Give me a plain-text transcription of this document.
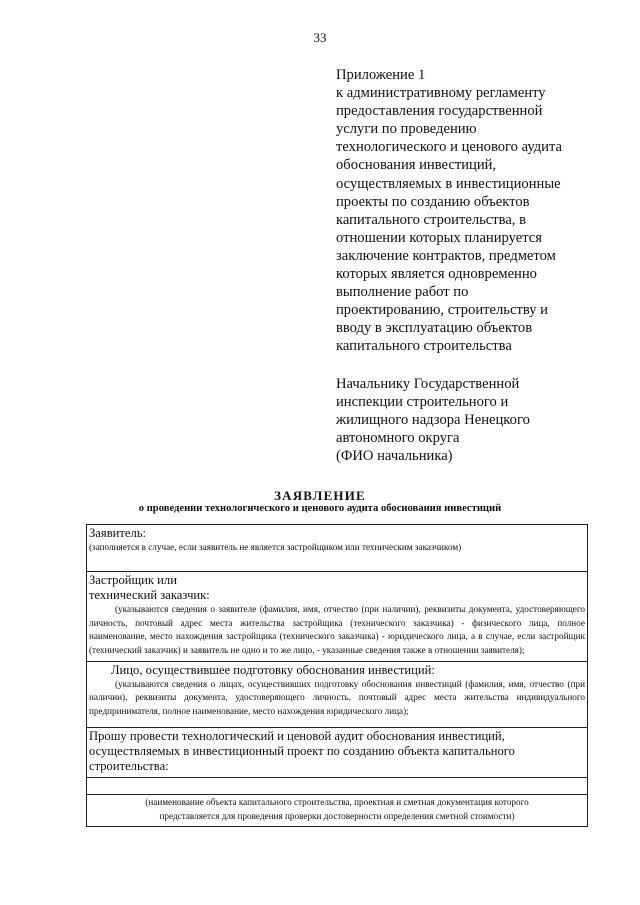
33
Приложение 1
к административному регламенту
предоставления государственной
услуги по проведению
технологического и ценового аудита
обоснования инвестиций,
осуществляемых в инвестиционные
проекты по созданию объектов
капитального строительства, в
отношении которых планируется
заключение контрактов, предметом
которых является одновременно
выполнение работ по
проектированию, строительству и
вводу в эксплуатацию объектов
капитального строительства
Начальнику Государственной
инспекции строительного и
жилищного надзора Ненецкого
автономного округа
(ФИО начальника)
ЗАЯВЛЕНИЕ
о проведении технологического и ценового аудита обоснования инвестиций
Заявитель:
(заполняется в случае, если заявитель не является застройщиком или техническим заказчиком)

Застройщик или
технический заказчик:
(указываются сведения о заявителе (фамилия, имя, отчество (при наличии), реквизиты документа, удостоверяющего личность, почтовый адрес места жительства застройщика (технического заказчика) - физического лица, полное наименование, место нахождения застройщика (технического заказчика) - юридического лица, а в случае, если застройщик (технический заказчик) и заявитель не одно и то же лицо, - указанные сведения также в отношении заявителя);

Лицо, осуществившее подготовку обоснования инвестиций:
(указываются сведения о лицах, осуществивших подготовку обоснования инвестиций (фамилия, имя, отчество (при наличии), реквизиты документа, удостоверяющего личность, почтовый адрес места жительства индивидуального предпринимателя, полное наименование, место нахождения юридического лица);

Прошу провести технологический и ценовой аудит обоснования инвестиций,
осуществляемых в инвестиционный проект по созданию объекта капитального
строительства:

(наименование объекта капитального строительства, проектная и сметная документация которого
представляется для проведения проверки достоверности определения сметной стоимости)
